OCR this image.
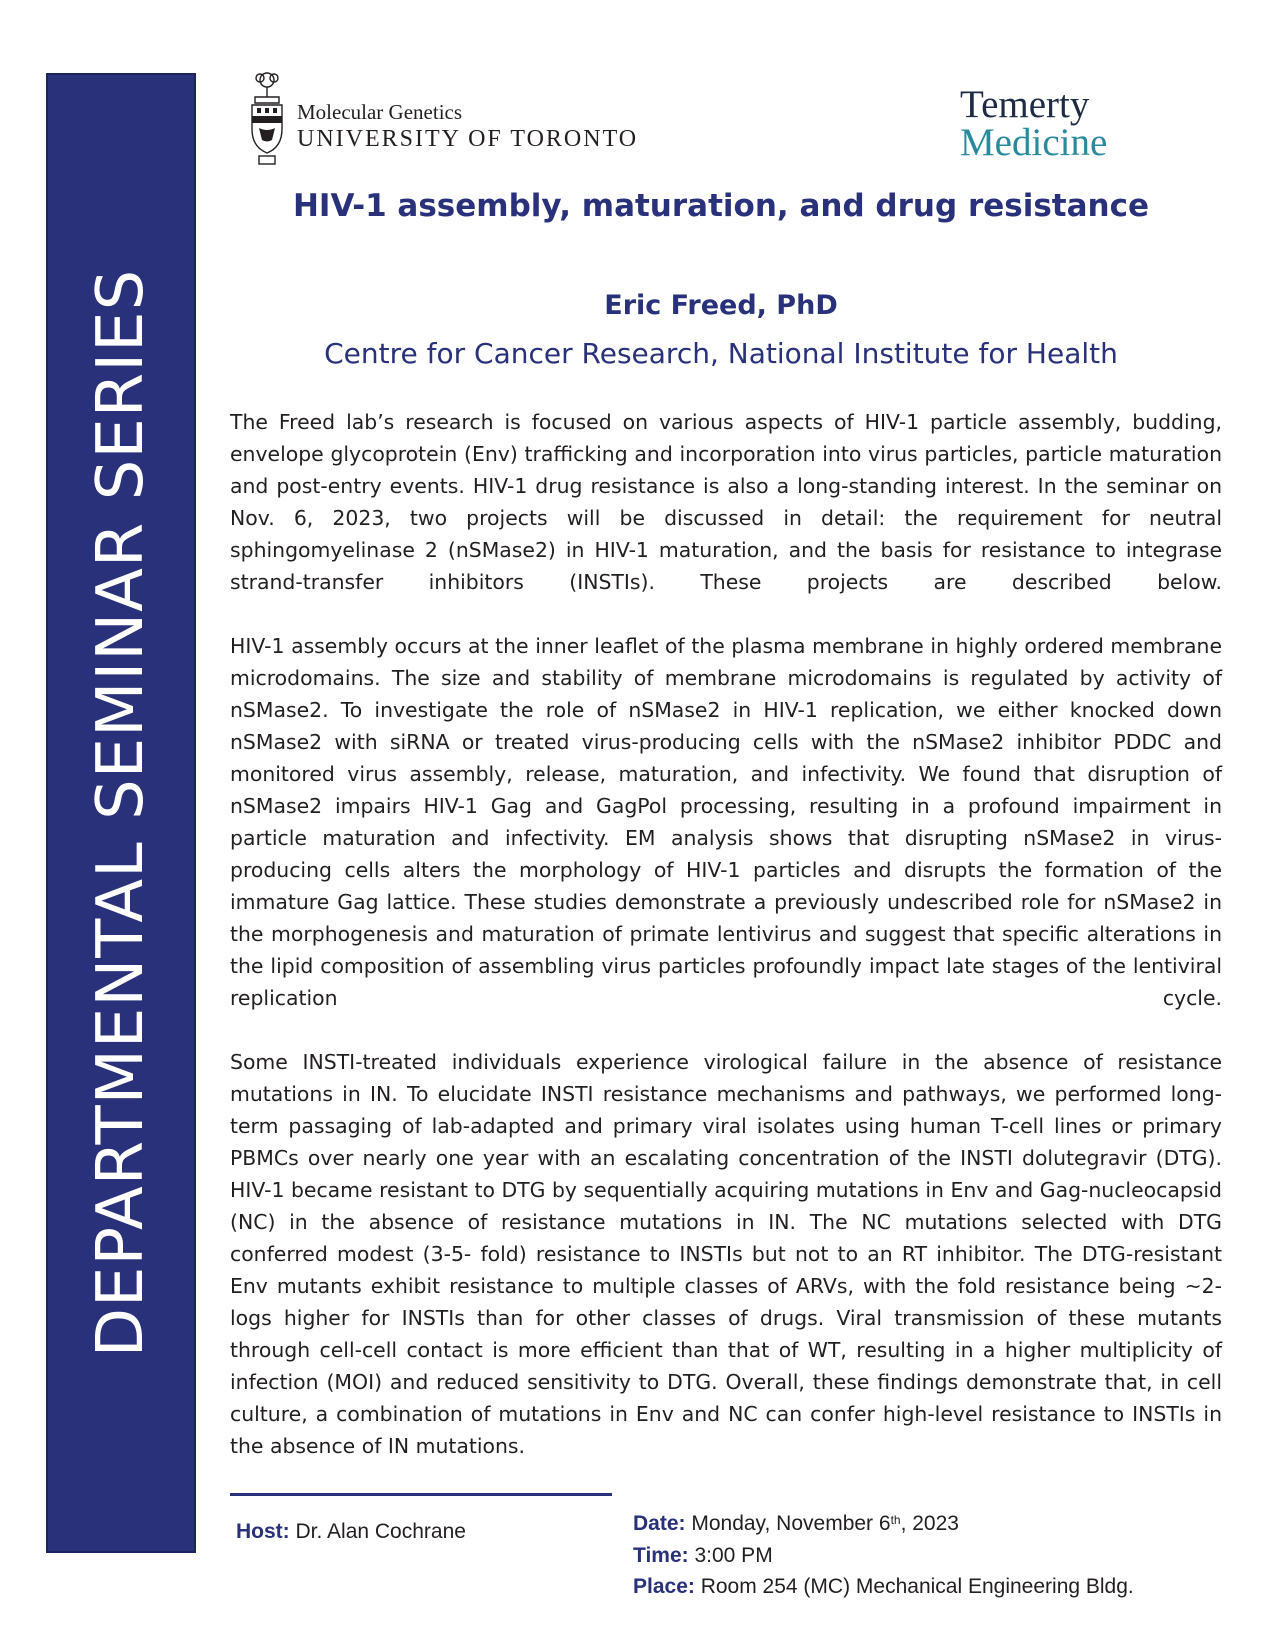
DEPARTMENTAL SEMINAR SERIES
Molecular Genetics
UNIVERSITY OF TORONTO
Temerty
Medicine
HIV-1 assembly, maturation, and drug resistance
Eric Freed, PhD
Centre for Cancer Research, National Institute for Health

The Freed lab’s research is focused on various aspects of HIV-1 particle assembly, budding, envelope glycoprotein (Env) trafficking and incorporation into virus particles, particle maturation and post-entry events. HIV-1 drug resistance is also a long-standing interest. In the seminar on Nov. 6, 2023, two projects will be discussed in detail: the requirement for neutral sphingomyelinase 2 (nSMase2) in HIV-1 maturation, and the basis for resistance to integrase strand-transfer inhibitors (INSTIs). These projects are described below.

HIV-1 assembly occurs at the inner leaflet of the plasma membrane in highly ordered membrane microdomains. The size and stability of membrane microdomains is regulated by activity of nSMase2. To investigate the role of nSMase2 in HIV-1 replication, we either knocked down nSMase2 with siRNA or treated virus-producing cells with the nSMase2 inhibitor PDDC and monitored virus assembly, release, maturation, and infectivity. We found that disruption of nSMase2 impairs HIV-1 Gag and GagPol processing, resulting in a profound impairment in particle maturation and infectivity. EM analysis shows that disrupting nSMase2 in virus-producing cells alters the morphology of HIV-1 particles and disrupts the formation of the immature Gag lattice. These studies demonstrate a previously undescribed role for nSMase2 in the morphogenesis and maturation of primate lentivirus and suggest that specific alterations in the lipid composition of assembling virus particles profoundly impact late stages of the lentiviral replication cycle.

Some INSTI-treated individuals experience virological failure in the absence of resistance mutations in IN. To elucidate INSTI resistance mechanisms and pathways, we performed long-term passaging of lab-adapted and primary viral isolates using human T-cell lines or primary PBMCs over nearly one year with an escalating concentration of the INSTI dolutegravir (DTG). HIV-1 became resistant to DTG by sequentially acquiring mutations in Env and Gag-nucleocapsid (NC) in the absence of resistance mutations in IN. The NC mutations selected with DTG conferred modest (3-5- fold) resistance to INSTIs but not to an RT inhibitor. The DTG-resistant Env mutants exhibit resistance to multiple classes of ARVs, with the fold resistance being ~2-logs higher for INSTIs than for other classes of drugs. Viral transmission of these mutants through cell-cell contact is more efficient than that of WT, resulting in a higher multiplicity of infection (MOI) and reduced sensitivity to DTG. Overall, these findings demonstrate that, in cell culture, a combination of mutations in Env and NC can confer high-level resistance to INSTIs in the absence of IN mutations.

Host: Dr. Alan Cochrane	Date: Monday, November 6th, 2023
Time: 3:00 PM
Place: Room 254 (MC) Mechanical Engineering Bldg.
